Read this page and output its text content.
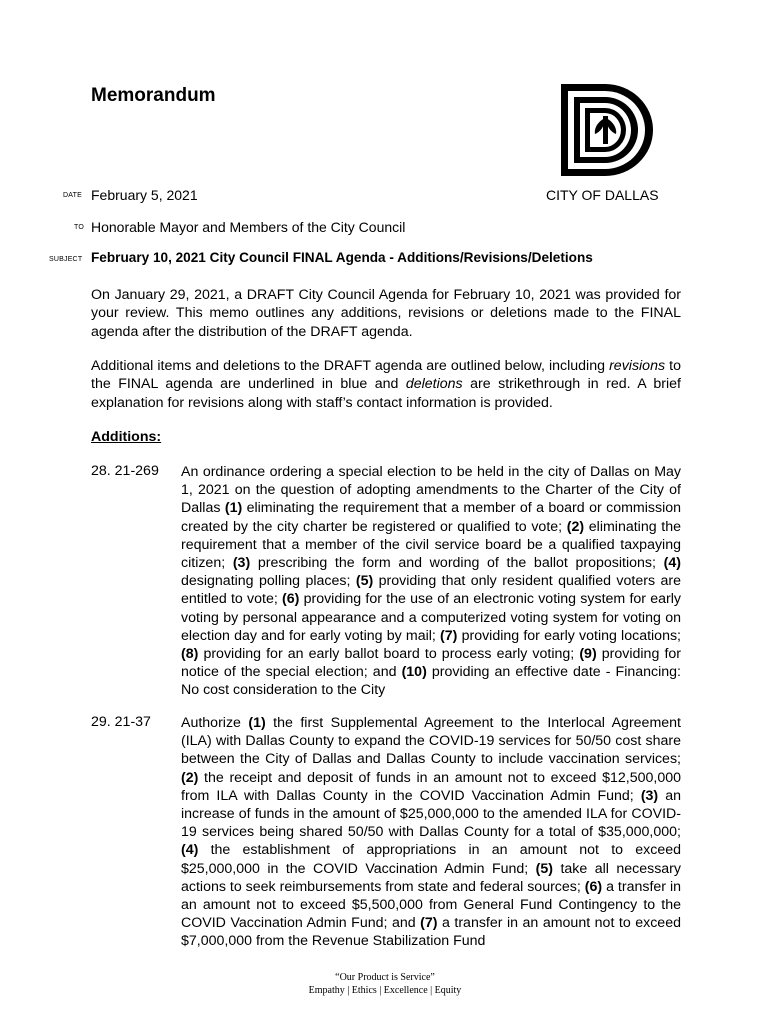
Memorandum
CITY OF DALLAS
DATE February 5, 2021
TO Honorable Mayor and Members of the City Council
SUBJECT February 10, 2021 City Council FINAL Agenda - Additions/Revisions/Deletions
On January 29, 2021, a DRAFT City Council Agenda for February 10, 2021 was provided for your review. This memo outlines any additions, revisions or deletions made to the FINAL agenda after the distribution of the DRAFT agenda.
Additional items and deletions to the DRAFT agenda are outlined below, including revisions to the FINAL agenda are underlined in blue and deletions are strikethrough in red. A brief explanation for revisions along with staff’s contact information is provided.
Additions:
28. 21-269 An ordinance ordering a special election to be held in the city of Dallas on May 1, 2021 on the question of adopting amendments to the Charter of the City of Dallas (1) eliminating the requirement that a member of a board or commission created by the city charter be registered or qualified to vote; (2) eliminating the requirement that a member of the civil service board be a qualified taxpaying citizen; (3) prescribing the form and wording of the ballot propositions; (4) designating polling places; (5) providing that only resident qualified voters are entitled to vote; (6) providing for the use of an electronic voting system for early voting by personal appearance and a computerized voting system for voting on election day and for early voting by mail; (7) providing for early voting locations; (8) providing for an early ballot board to process early voting; (9) providing for notice of the special election; and (10) providing an effective date - Financing: No cost consideration to the City
29. 21-37 Authorize (1) the first Supplemental Agreement to the Interlocal Agreement (ILA) with Dallas County to expand the COVID-19 services for 50/50 cost share between the City of Dallas and Dallas County to include vaccination services; (2) the receipt and deposit of funds in an amount not to exceed $12,500,000 from ILA with Dallas County in the COVID Vaccination Admin Fund; (3) an increase of funds in the amount of $25,000,000 to the amended ILA for COVID-19 services being shared 50/50 with Dallas County for a total of $35,000,000; (4) the establishment of appropriations in an amount not to exceed $25,000,000 in the COVID Vaccination Admin Fund; (5) take all necessary actions to seek reimbursements from state and federal sources; (6) a transfer in an amount not to exceed $5,500,000 from General Fund Contingency to the COVID Vaccination Admin Fund; and (7) a transfer in an amount not to exceed $7,000,000 from the Revenue Stabilization Fund
“Our Product is Service”
Empathy | Ethics | Excellence | Equity
